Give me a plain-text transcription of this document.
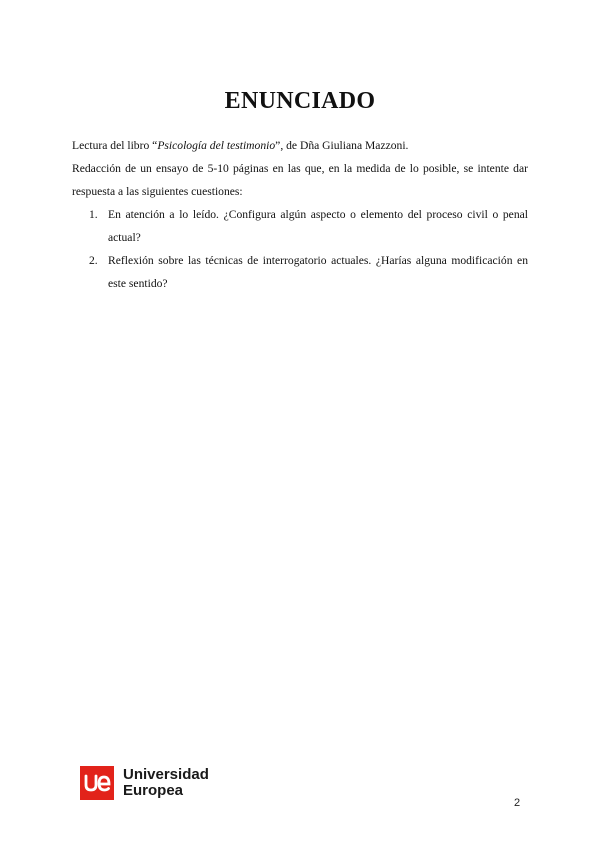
ENUNCIADO

Lectura del libro “Psicología del testimonio”, de Dña Giuliana Mazzoni.

Redacción de un ensayo de 5-10 páginas en las que, en la medida de lo posible, se intente dar respuesta a las siguientes cuestiones:

1. En atención a lo leído. ¿Configura algún aspecto o elemento del proceso civil o penal actual?
2. Reflexión sobre las técnicas de interrogatorio actuales. ¿Harías alguna modificación en este sentido?
Universidad
Europea
2
